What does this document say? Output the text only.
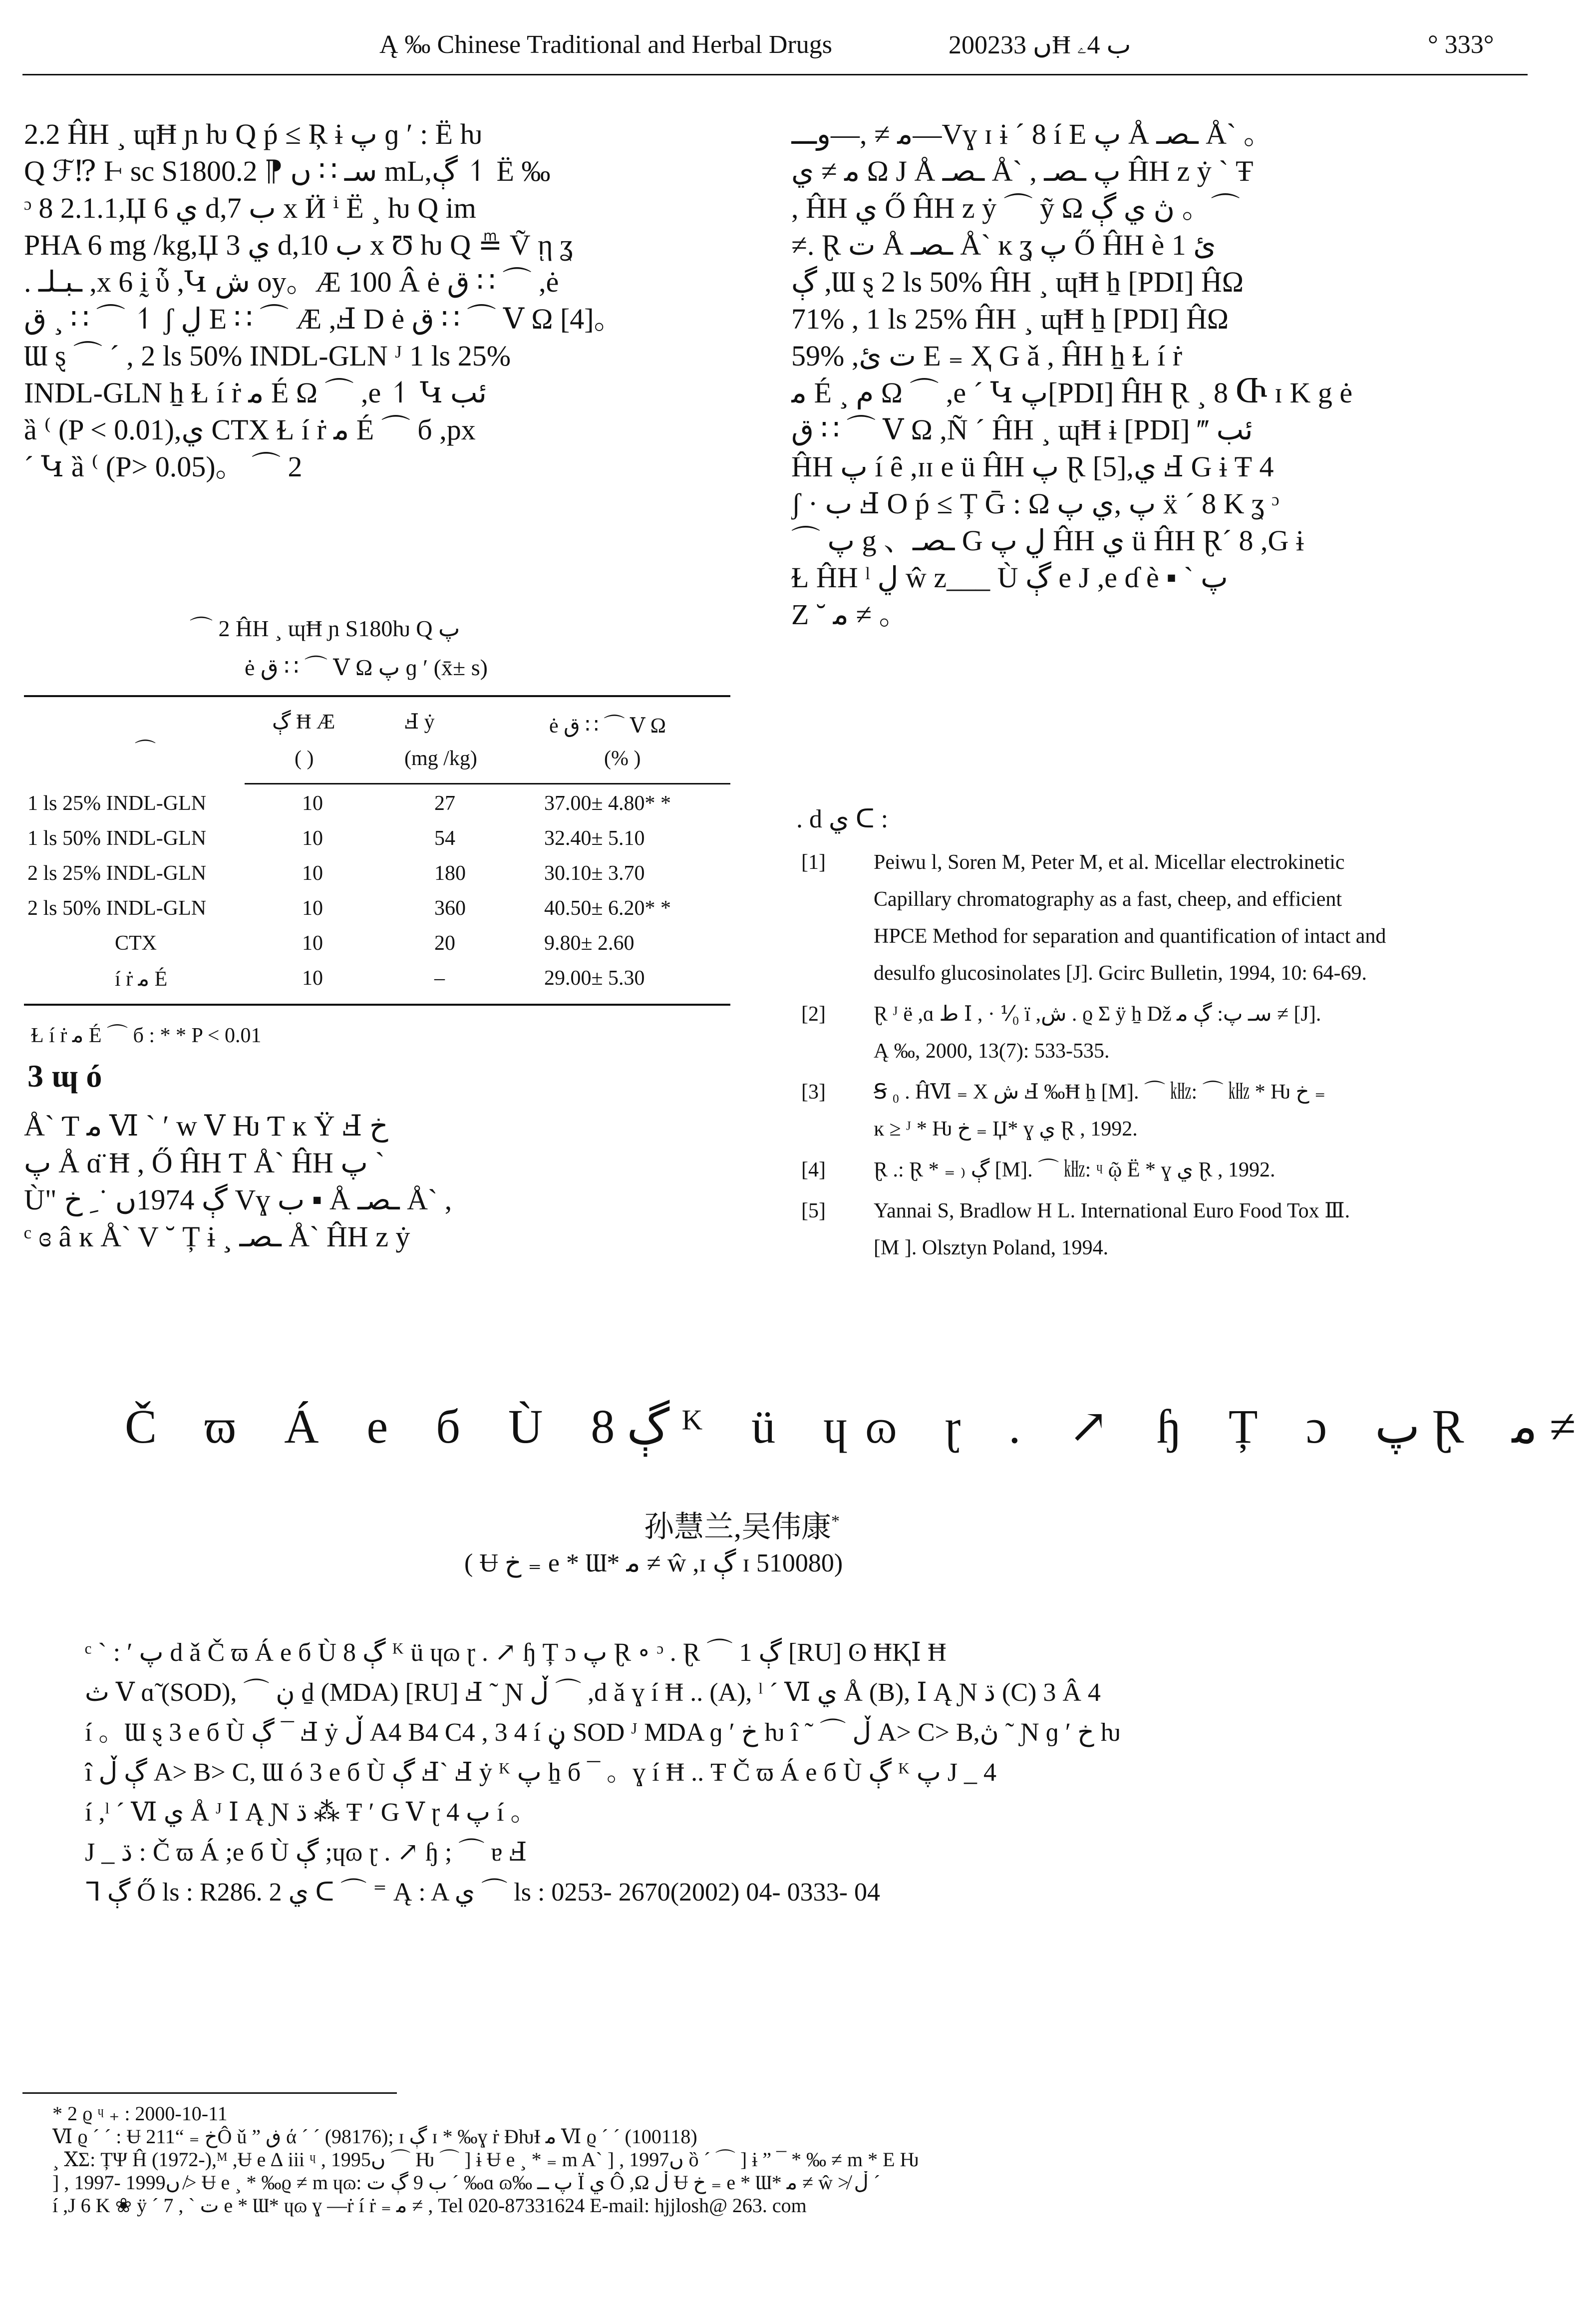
Ą ‰ Chinese Traditional and Herbal Drugs	2002ں 33Ħ ب 4ۦ	° 333°

2.2 ĤH ¸ ɰĦ ɲ ƕ Q ṕ ≤ Ŗ ɨ پ ɡ ʹ : Ë ƕ

Q ℱ⁉ Ⱶ sc S180سـ ∷ ں ⁋ 0.2 mL,ڳ ↿ Ë ‰

ᵓ 8 2.1.1,Џ ي 6 d,ب 7 x Ӥ ⁱ Ë ¸ ƕ Q im

PHA 6 mg /kg,Џ ي 3 d,ب 10 x Ʊ ƕ Q ≞ Ṽ ῃ ʓ

. ـبـلـ ,x 6 ḭ ὗ ,Կ ش oy。Æ 100 Â ė ق ∷ ⌒ ,ė

ق ¸ ∷ ⌒ ↿ ʃ ڸ E ∷ ⌒ Æ ,Ⅎ D ė ق ∷ ⌒ Ⅴ Ω [4]。

Ɯ ȿ ⌒ ´ , 2 ls 50% INDL-GLN ᴶ 1 ls 25%

INDL-GLN ẖ Ɫ í ṙ ﻣ É Ω ⌒ ,e ↿ Կ ئب

ȁ ⁽ (P < 0.01),ي CTX Ɫ í ṙ ﻣ É ⌒ б ,px

´ Կ ȁ ⁽ (P> 0.05)。 ⌒ 2

⌒ 2 ĤH ¸ ɰĦ ɲ S180ƕ Q پ
ė ق ∷ ⌒ Ⅴ Ω پ ɡ ʹ (x̄± s)
⌒
ڳ Ħ Æ	Ⅎ ẏ	ė ق ∷ ⌒ Ⅴ Ω
( )	(mg /kg)	(% )
1 ls 25% INDL-GLN	10	27	37.00± 4.80* *
1 ls 50% INDL-GLN	10	54	32.40± 5.10
2 ls 25% INDL-GLN	10	180	30.10± 3.70
2 ls 50% INDL-GLN	10	360	40.50± 6.20* *
CTX	10	20	9.80± 2.60
í ṙ ﻣ É	10	–	29.00± 5.30
Ɫ í ṙ ﻣ É ⌒ б : * * P < 0.01
3 ɰ ó

Å` Ƭ ﻣ Ⅵ ` ʹ w Ⅴ Ƕ Ƭ ĸ Ÿ Ⅎ خ

پ Å ɑ̈ Ħ , Ő ĤH Ƭ Å` ĤH پ `

Ù" ڳ 1974ں ˙ ِ خ Vɣ ب ▪ Å ـصـ Å` ,

ᶜ ɞ â ĸ Å` V ˘ Ț ɨ ¸ ـصـ Å` ĤH z ẏ

ﻣ ≠ ,—وـــ—Vɣ ɪ ɨ ˊ 8 í E پ Å ـصـ Å` 。

ﻣ ≠ ي Ω J Å ـصـ Å` , پ ـصـ ĤH z ẏ ` Ŧ

, ĤH ي Ő ĤH z ẏ ⌒ ỹ Ω ڽ ي ڳ 。⌒

≠. Ɽ ت Å ـصـ Å` ĸ ʓ پ Ő ĤH è ئ 1

ڳ ,Ɯ ȿ 2 ls 50% ĤH ¸ ɰĦ ẖ [PDI] ĤΩ

71% , 1 ls 25% ĤH ¸ ɰĦ ẖ [PDI] ĤΩ

59% ,ت ئ E ₌ Ҳ G ǎ , ĤH ẖ Ɫ í ṙ

ﻣ É ¸ م Ω ⌒ ,e ´ Կ پ[PDI] ĤH Ɽ ¸ 8 Ⴇ ɪ K g ė

ق ∷ ⌒ Ⅴ Ω ,Ñ ´ ĤH ¸ ɰĦ ɨ [PDI] ‴ ئب

ĤH پ í ȇ ,ɪɪ e ü ĤH پ Ɽ [5],ي Ⅎ G ɨ Ŧ 4

ʃ · ب Ⅎ O ṕ ≤ Ț Ḡ : Ω پ ,ي پ ẍ ´ 8 K ʓ ᵓ

⌒ پ g 、ـصـ G ڸ پ ĤH ي ü ĤH Ɽ´ 8 ,G ɨ

Ɫ ĤH ˡ ڸ ŵ z___ Ù ڳ e J ,e ɗ è ▪ ` پ

Z ˘ ﻣ ≠ 。

. d ي ᑕ :
[1] Peiwu l, Soren M, Peter M, et al. Micellar electrokinetic
Capillary chromatography as a fast, cheep, and efficient
HPCE Method for separation and quantification of intact and
desulfo glucosinolates [J]. Gcirc Bulletin, 1994, 10: 64-69.
[2] Ɽ ᴶ ë ,ɑ ط Ⅰ , · ⅟₀ ï ,ش . ϱ Σ ÿ ẖ Dž سـ پ: ڳ ﻣ ≠ [J].
Ą ‰, 2000, 13(7): 533-535.
[3] Ꞩ ₀ . ĤⅥ ₌ X ش Ⅎ ‰Ħ ẖ [M]. ⌒ ㎑: ⌒ ㎑ * Ƕ خ ₌
ĸ ≥ ᴶ * Ƕ خ ₌ Џ* ɣ ي Ɽ , 1992.
[4] Ɽ .: Ɽ * ₌ ₎ ڳ [M]. ⌒ ㎑: ᶣ ῷ Ë * ɣ ي Ɽ , 1992.
[5] Yannai S, Bradlow H L. International Euro Food Tox Ⅲ.
[M ]. Olsztyn Poland, 1994.
Č ϖ Á e б Ù ڳ 8 ᴷ ü ɥɷ ɽ . ↗ ɧ Ț ɔ پ Ɽ ﻣ ≠
孙慧兰,吴伟康*
( Ʉ خ ₌ e * Ɯ* ﻣ ≠ ŵ ,ɪ ڳ ɪ 510080)

ᶜ ` : ʹ پ d ǎ Č ϖ Á e б Ù ڳ 8 ᴷ ü ɥɷ ɽ . ↗ ɧ Ț ɔ پ Ɽ ∘ ᵓ . Ɽ ⌒ 1 ڳ [RU] ʘ ĦⱩⅠ Ħ

ث Ⅴ ɑ̃ (SOD), ⌒ ڹ ḏ (MDA) [RU] Ⅎ ˜ Ɲ ڵ ⌒ ,d ǎ ɣ í Ħ .. (A), ˡ ´ Ⅵ ي Å (B), Ⅰ Ą Ɲ ڌ (C) 3 Â 4

í 。Ɯ ȿ 3 e б Ù ڳ ¯ Ⅎ ẏ ڵ A4 B4 C4 , 3 4 í ڼ SOD ᴶ MDA ɡ ʹ خ ƕ î ˜ ⌒ ڵ A> C> B,ڽ ˜ Ɲ ɡ ʹ خ ƕ

î ڳ ڵ A> B> C, Ɯ ó 3 e б Ù ڳ Ⅎ` Ⅎ ẏ ᴷ پ ẖ б ¯ 。ɣ í Ħ .. Ŧ Č ϖ Á e б Ù ڳ ᴷ پ J _ 4

í ,ˡ ´ Ⅵ ي Å ᴶ Ⅰ Ą Ɲ ڌ ⁂ Ŧ ʹ G Ⅴ ɽ پ 4 í 。

J _ ڌ : Č ϖ Á ;e б Ù ڳ ;ɥɷ ɽ . ↗ ɧ ; ⌒ ɐ Ⅎ

ᒣ ڳ Ő ls : R286. 2 ي ᑕ ⌒ ⁼ Ą : A ي ⌒ ls : 0253- 2670(2002) 04- 0333- 04

* 2 ϱ ᶣ ₊ : 2000-10-11

Ⅵ ϱ ´ ´ : Ʉ خ ₌ “211Ô ǔ ” ڧ ά ´ ´ (98176); ɪ ڳ ɪ * ‰ɣ ṙ ƉƕƗ ﻣ Ⅵ ϱ ´ ´ (100118)

¸ ⅩΣ: ȚΨ Ĥ (1972-),ᴹ ,Ʉ e ∆ iii ᶣ , 1995ں ⌒ Ƕ ⌒ ] ɨ Ʉ e ¸ * ₌ m A` ] , 1997ں ȍ ´ ⌒ ] ɨ ” ¯ * ‰ ≠ m * E Ƕ

] , 1997- 1999ں ≯ Ʉ e ¸ * ‰ϱ ≠ m ɥɷ: ب 9 ڳ ت ´ ‰ɑ ɷ‰ پ ــ Ї ي Ô ,Ω ڵ Ʉ خ ₌ e * Ɯ* ﻣ ≠ ŵ ≯ ڵ ´

í ,J 6 K ❀ ÿ ´ 7 , ` ت e * Ɯ* ɥɷ ɣ —ṙ í ṙ ₌ ﻣ ≠ , Tel 020-87331624 E-mail: hjjlosh@ 263. com
